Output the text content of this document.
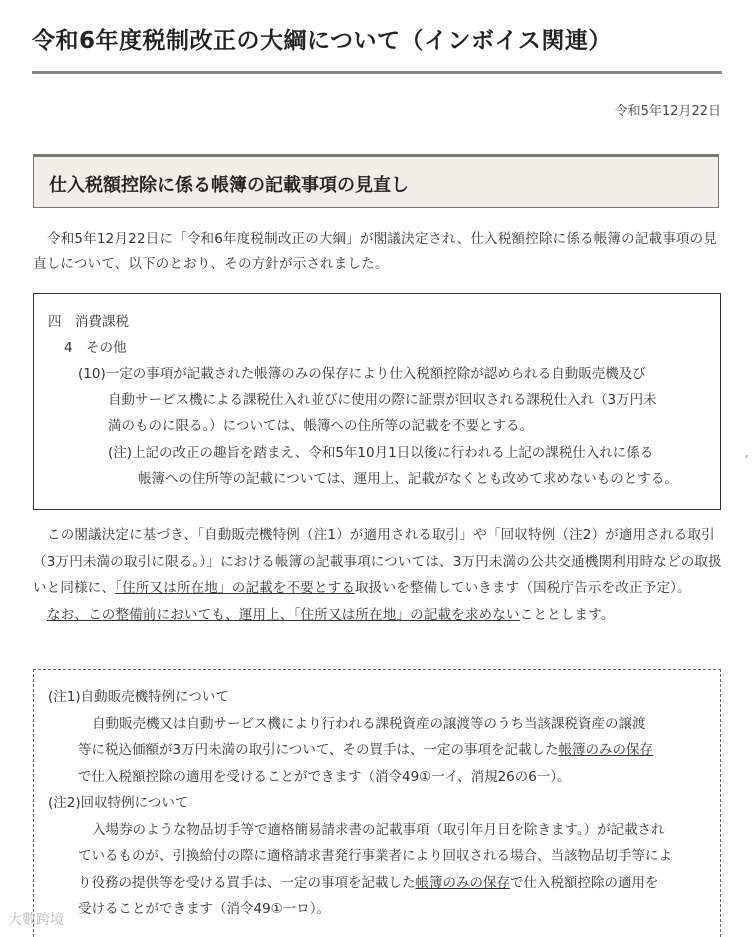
令和6年度税制改正の大綱について（インボイス関連）
令和5年12月22日
仕入税額控除に係る帳簿の記載事項の見直し
令和5年12月22日に「令和6年度税制改正の大綱」が閣議決定され、仕入税額控除に係る帳簿の記載事項の見直しについて、以下のとおり、その方針が示されました。
四　消費課税
4　その他
(10)一定の事項が記載された帳簿のみの保存により仕入税額控除が認められる自動販売機及び
自動サービス機による課税仕入れ並びに使用の際に証票が回収される課税仕入れ（3万円未
満のものに限る。）については、帳簿への住所等の記載を不要とする。
(注)上記の改正の趣旨を踏まえ、令和5年10月1日以後に行われる上記の課税仕入れに係る
帳簿への住所等の記載については、運用上、記載がなくとも改めて求めないものとする。

この閣議決定に基づき、「自動販売機特例（注1）が適用される取引」や「回収特例（注2）が適用される取引（3万円未満の取引に限る。）」における帳簿の記載事項については、3万円未満の公共交通機関利用時などの取扱いと同様に、「住所又は所在地」の記載を不要とする取扱いを整備していきます（国税庁告示を改正予定）。

なお、この整備前においても、運用上、「住所又は所在地」の記載を求めないこととします。

(注1)自動販売機特例について
自動販売機又は自動サービス機により行われる課税資産の譲渡等のうち当該課税資産の譲渡
等に税込価額が3万円未満の取引について、その買手は、一定の事項を記載した帳簿のみの保存
で仕入税額控除の適用を受けることができます（消令49①一イ、消規26の6一）。
(注2)回収特例について
入場券のような物品切手等で適格簡易請求書の記載事項（取引年月日を除きます。）が記載され
ているものが、引換給付の際に適格請求書発行事業者により回収される場合、当該物品切手等によ
り役務の提供等を受ける買手は、一定の事項を記載した帳簿のみの保存で仕入税額控除の適用を
受けることができます（消令49①一ロ）。
大數跨境
